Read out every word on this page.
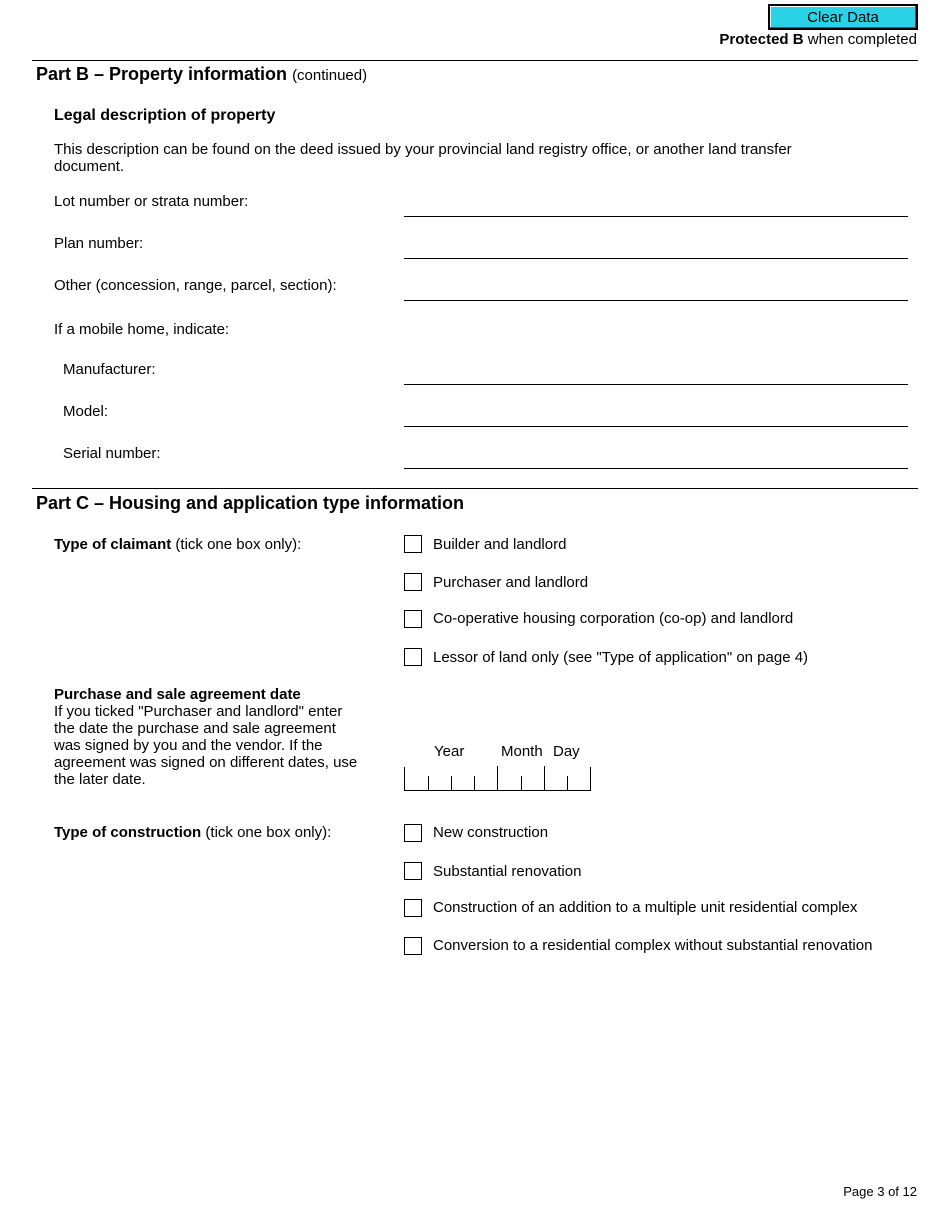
Clear Data
Protected B when completed
Part B – Property information (continued)
Legal description of property
This description can be found on the deed issued by your provincial land registry office, or another land transfer document.
Lot number or strata number:
Plan number:
Other (concession, range, parcel, section):
If a mobile home, indicate:
Manufacturer:
Model:
Serial number:
Part C – Housing and application type information
Type of claimant (tick one box only):	Builder and landlord
Purchaser and landlord
Co-operative housing corporation (co-op) and landlord
Lessor of land only (see "Type of application" on page 4)
Purchase and sale agreement date
If you ticked "Purchaser and landlord" enter the date the purchase and sale agreement was signed by you and the vendor. If the agreement was signed on different dates, use the later date.
Year Month Day
Type of construction (tick one box only):	New construction
Substantial renovation
Construction of an addition to a multiple unit residential complex
Conversion to a residential complex without substantial renovation
Page 3 of 12
